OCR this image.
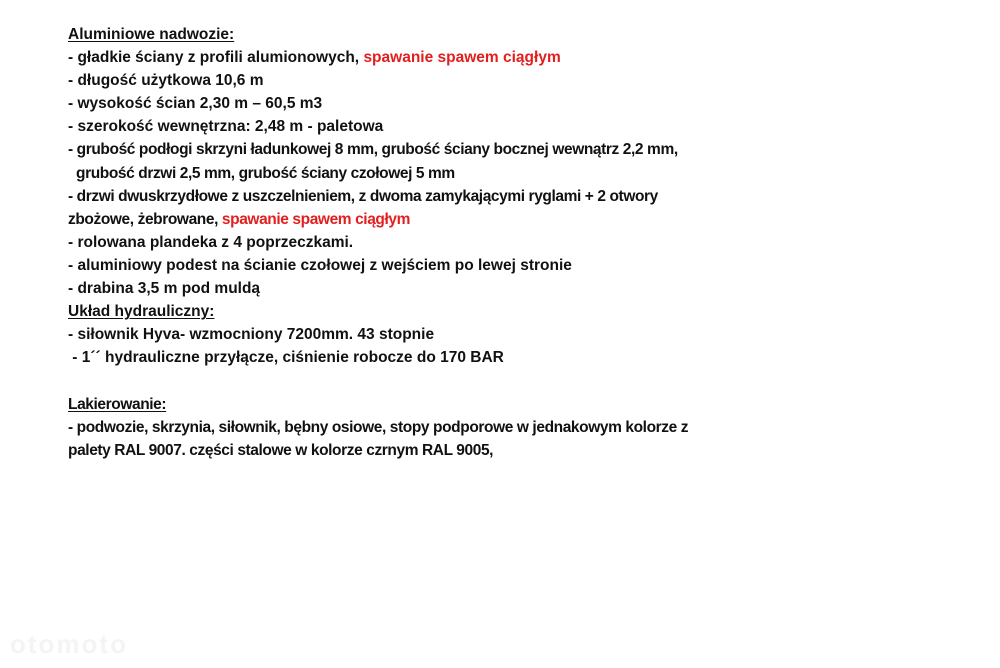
Aluminiowe nadwozie:
- gładkie ściany z profili alumionowych, spawanie spawem ciągłym
- długość użytkowa 10,6 m
- wysokość ścian 2,30 m – 60,5 m3
- szerokość wewnętrzna: 2,48 m - paletowa
- grubość podłogi skrzyni ładunkowej 8 mm, grubość ściany bocznej wewnątrz 2,2 mm,
grubość drzwi 2,5 mm, grubość ściany czołowej 5 mm
- drzwi dwuskrzydłowe z uszczelnieniem, z dwoma zamykającymi ryglami + 2 otwory
zbożowe, żebrowane, spawanie spawem ciągłym
- rolowana plandeka z 4 poprzeczkami.
- aluminiowy podest na ścianie czołowej z wejściem po lewej stronie
- drabina 3,5 m pod muldą
Układ hydrauliczny:
- siłownik Hyva- wzmocniony 7200mm. 43 stopnie
- 1´´ hydrauliczne przyłącze, ciśnienie robocze do 170 BAR
Lakierowanie:
- podwozie, skrzynia, siłownik, bębny osiowe, stopy podporowe w jednakowym kolorze z
palety RAL 9007. części stalowe w kolorze czrnym RAL 9005,
otomoto
